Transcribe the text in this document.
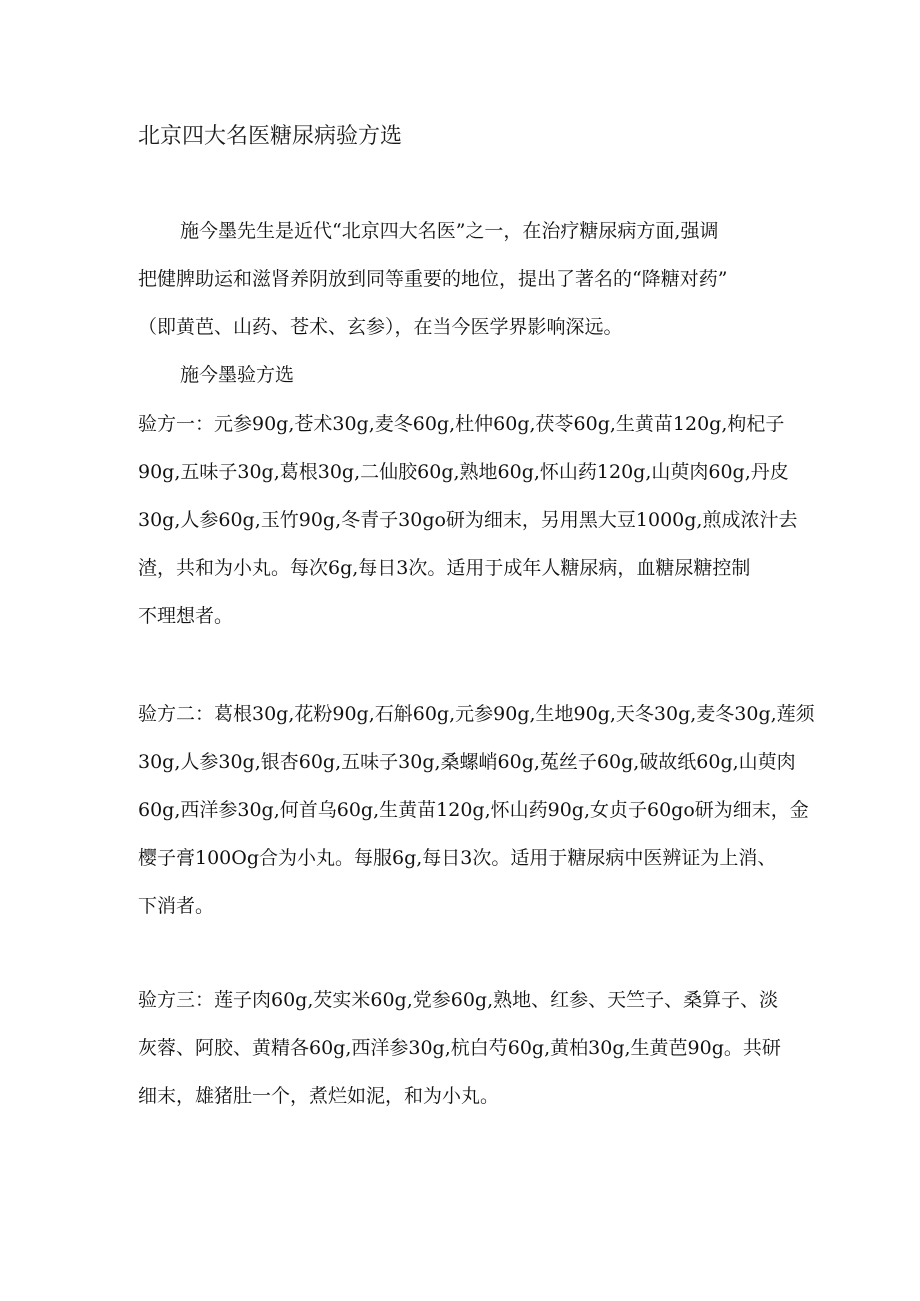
北京四大名医糖尿病验方选
施今墨先生是近代“北京四大名医”之一，在治疗糖尿病方面,强调
把健脾助运和滋肾养阴放到同等重要的地位，提出了著名的“降糖对药”
（即黄芭、山药、苍术、玄参），在当今医学界影响深远。
施今墨验方选
验方一：元参90g,苍术30g,麦冬60g,杜仲60g,茯苓60g,生黄苗120g,枸杞子
90g,五味子30g,葛根30g,二仙胶60g,熟地60g,怀山药120g,山萸肉60g,丹皮
30g,人参60g,玉竹90g,冬青子30go研为细末，另用黑大豆1000g,煎成浓汁去
渣，共和为小丸。每次6g,每日3次。适用于成年人糖尿病，血糖尿糖控制
不理想者。
验方二：葛根30g,花粉90g,石斛60g,元参90g,生地90g,天冬30g,麦冬30g,莲须
30g,人参30g,银杏60g,五味子30g,桑螺峭60g,菟丝子60g,破故纸60g,山萸肉
60g,西洋参30g,何首乌60g,生黄苗120g,怀山药90g,女贞子60go研为细末，金
樱子膏100Og合为小丸。每服6g,每日3次。适用于糖尿病中医辨证为上消、
下消者。
验方三：莲子肉60g,芡实米60g,党参60g,熟地、红参、天竺子、桑算子、淡
灰蓉、阿胶、黄精各60g,西洋参30g,杭白芍60g,黄柏30g,生黄芭90g。共研
细末，雄猪肚一个，煮烂如泥，和为小丸。
